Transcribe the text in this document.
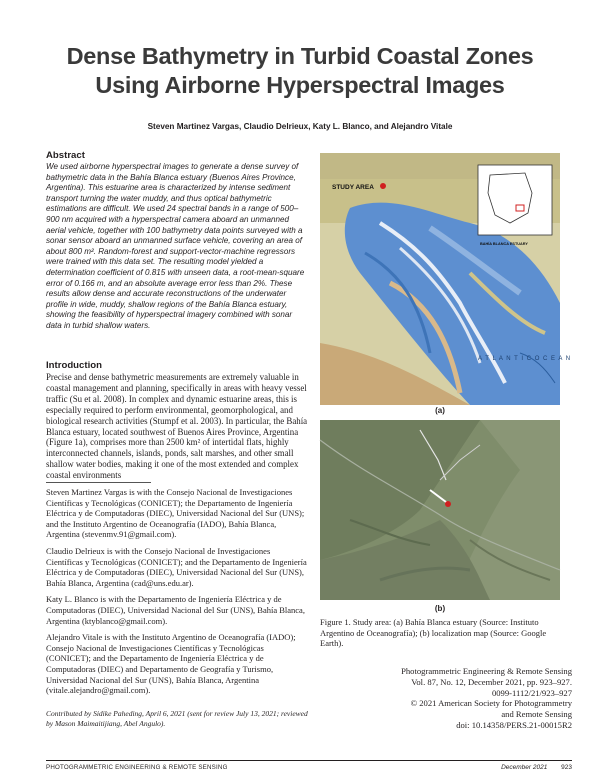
Dense Bathymetry in Turbid Coastal Zones
Using Airborne Hyperspectral Images
Steven Martinez Vargas, Claudio Delrieux, Katy L. Blanco, and Alejandro Vitale
Abstract
We used airborne hyperspectral images to generate a dense survey of bathymetric data in the Bahía Blanca estuary (Buenos Aires Province, Argentina). This estuarine area is characterized by intense sediment transport turning the water muddy, and thus optical bathymetric estimations are difficult. We used 24 spectral bands in a range of 500–900 nm acquired with a hyperspectral camera aboard an unmanned aerial vehicle, together with 100 bathymetry data points surveyed with a sonar sensor aboard an unmanned surface vehicle, covering an area of about 800 m². Random-forest and support-vector-machine regressors were trained with this data set. The resulting model yielded a determination coefficient of 0.815 with unseen data, a root-mean-square error of 0.166 m, and an absolute average error less than 2%. These results allow dense and accurate reconstructions of the underwater profile in wide, muddy, shallow regions of the Bahía Blanca estuary, showing the feasibility of hyperspectral imagery combined with sonar data in turbid shallow waters.
Introduction
Precise and dense bathymetric measurements are extremely valuable in coastal management and planning, specifically in areas with heavy vessel traffic (Su et al. 2008). In complex and dynamic estuarine areas, this is especially required to perform environmental, geomorphological, and biological research activities (Stumpf et al. 2003). In particular, the Bahía Blanca estuary, located southwest of Buenos Aires Province, Argentina (Figure 1a), comprises more than 2500 km² of intertidal flats, highly interconnected channels, islands, ponds, salt marshes, and other small shallow water bodies, making it one of the most extended and complex coastal environments

Steven Martinez Vargas is with the Consejo Nacional de Investigaciones Científicas y Tecnológicas (CONICET); the Departamento de Ingeniería Eléctrica y de Computadoras (DIEC), Universidad Nacional del Sur (UNS); and the Instituto Argentino de Oceanografía (IADO), Bahía Blanca, Argentina (stevenmv.91@gmail.com).

Claudio Delrieux is with the Consejo Nacional de Investigaciones Científicas y Tecnológicas (CONICET); and the Departamento de Ingeniería Eléctrica y de Computadoras (DIEC), Universidad Nacional del Sur (UNS), Bahía Blanca, Argentina (cad@uns.edu.ar).

Katy L. Blanco is with the Departamento de Ingeniería Eléctrica y de Computadoras (DIEC), Universidad Nacional del Sur (UNS), Bahía Blanca, Argentina (ktyblanco@gmail.com).

Alejandro Vitale is with the Instituto Argentino de Oceanografía (IADO); Consejo Nacional de Investigaciones Científicas y Tecnológicas (CONICET); and the Departamento de Ingeniería Eléctrica y de Computadoras (DIEC) and Departamento de Geografía y Turismo, Universidad Nacional del Sur (UNS), Bahía Blanca, Argentina (vitale.alejandro@gmail.com).

Contributed by Sidike Paheding, April 6, 2021 (sent for review July 13, 2021; reviewed by Mason Maimaitijiang, Abel Angulo).
STUDY AREA
BAHÍA BLANCA ESTUARY
A T L A N T I C O C E A N
(a)
(b)
Figure 1. Study area: (a) Bahía Blanca estuary (Source: Instituto Argentino de Oceanografía); (b) localization map (Source: Google Earth).
Photogrammetric Engineering & Remote Sensing
Vol. 87, No. 12, December 2021, pp. 923–927.
0099-1112/21/923–927
© 2021 American Society for Photogrammetry
and Remote Sensing
doi: 10.14358/PERS.21-00015R2
PHOTOGRAMMETRIC ENGINEERING & REMOTE SENSING	December 2021 923
